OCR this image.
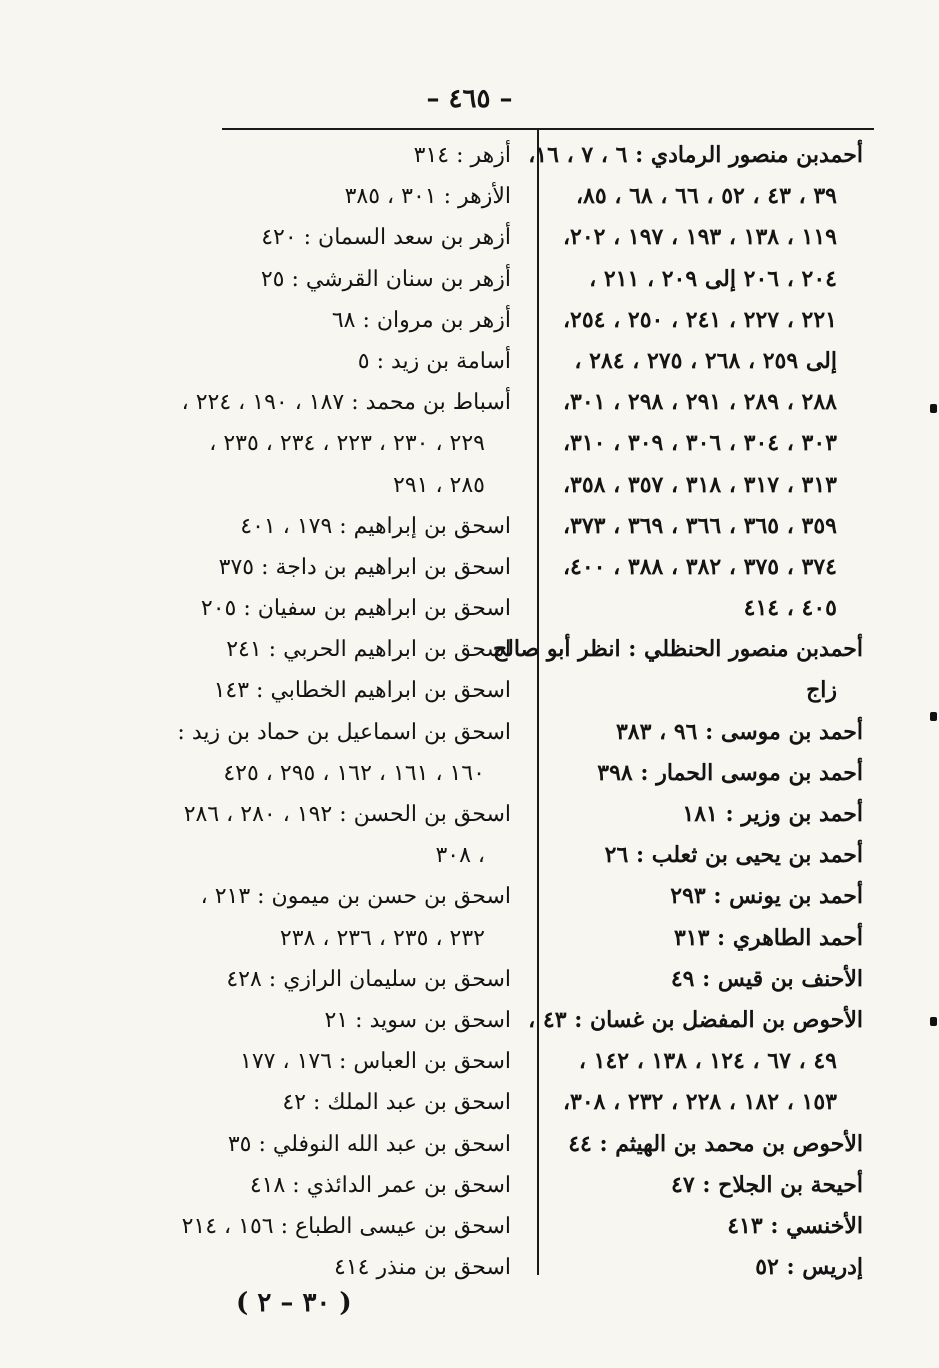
– ٤٦٥ –
أحمدبن منصور الرمادي : ٦ ، ٧ ، ١٦،
٣٩ ، ٤٣ ، ٥٢ ، ٦٦ ، ٦٨ ، ٨٥،
١١٩ ، ١٣٨ ، ١٩٣ ، ١٩٧ ، ٢٠٢،
٢٠٤ ، ٢٠٦ إلى ٢٠٩ ، ٢١١ ،
٢٢١ ، ٢٢٧ ، ٢٤١ ، ٢٥٠ ، ٢٥٤،
إلى ٢٥٩ ، ٢٦٨ ، ٢٧٥ ، ٢٨٤ ،
٢٨٨ ، ٢٨٩ ، ٢٩١ ، ٢٩٨ ، ٣٠١،
٣٠٣ ، ٣٠٤ ، ٣٠٦ ، ٣٠٩ ، ٣١٠،
٣١٣ ، ٣١٧ ، ٣١٨ ، ٣٥٧ ، ٣٥٨،
٣٥٩ ، ٣٦٥ ، ٣٦٦ ، ٣٦٩ ، ٣٧٣،
٣٧٤ ، ٣٧٥ ، ٣٨٢ ، ٣٨٨ ، ٤٠٠،
٤٠٥ ، ٤١٤
أحمدبن منصور الحنظلي : انظر أبو صالح
زاج
أحمد بن موسى : ٩٦ ، ٣٨٣
أحمد بن موسى الحمار : ٣٩٨
أحمد بن وزير : ١٨١
أحمد بن يحيى بن ثعلب : ٢٦
أحمد بن يونس : ٢٩٣
أحمد الطاهري : ٣١٣
الأحنف بن قيس : ٤٩
الأحوص بن المفضل بن غسان : ٤٣ ،
٤٩ ، ٦٧ ، ١٢٤ ، ١٣٨ ، ١٤٢ ،
١٥٣ ، ١٨٢ ، ٢٢٨ ، ٢٣٢ ، ٣٠٨،
الأحوص بن محمد بن الهيثم : ٤٤
أحيحة بن الجلاح : ٤٧
الأخنسي : ٤١٣
إدريس : ٥٢
أزهر : ٣١٤
الأزهر : ٣٠١ ، ٣٨٥
أزهر بن سعد السمان : ٤٢٠
أزهر بن سنان القرشي : ٢٥
أزهر بن مروان : ٦٨
أسامة بن زيد : ٥
أسباط بن محمد : ١٨٧ ، ١٩٠ ، ٢٢٤ ،
٢٢٩ ، ٢٣٠ ، ٢٢٣ ، ٢٣٤ ، ٢٣٥ ،
٢٨٥ ، ٢٩١
اسحق بن إبراهيم : ١٧٩ ، ٤٠١
اسحق بن ابراهيم بن داجة : ٣٧٥
اسحق بن ابراهيم بن سفيان : ٢٠٥
اسحق بن ابراهيم الحربي : ٢٤١
اسحق بن ابراهيم الخطابي : ١٤٣
اسحق بن اسماعيل بن حماد بن زيد :
١٦٠ ، ١٦١ ، ١٦٢ ، ٢٩٥ ، ٤٢٥
اسحق بن الحسن : ١٩٢ ، ٢٨٠ ، ٢٨٦
، ٣٠٨
اسحق بن حسن بن ميمون : ٢١٣ ،
٢٣٢ ، ٢٣٥ ، ٢٣٦ ، ٢٣٨
اسحق بن سليمان الرازي : ٤٢٨
اسحق بن سويد : ٢١
اسحق بن العباس : ١٧٦ ، ١٧٧
اسحق بن عبد الملك : ٤٢
اسحق بن عبد الله النوفلي : ٣٥
اسحق بن عمر الدائذي : ٤١٨
اسحق بن عيسى الطباع : ١٥٦ ، ٢١٤
اسحق بن منذر ٤١٤
( ٣٠ – ٢ )
